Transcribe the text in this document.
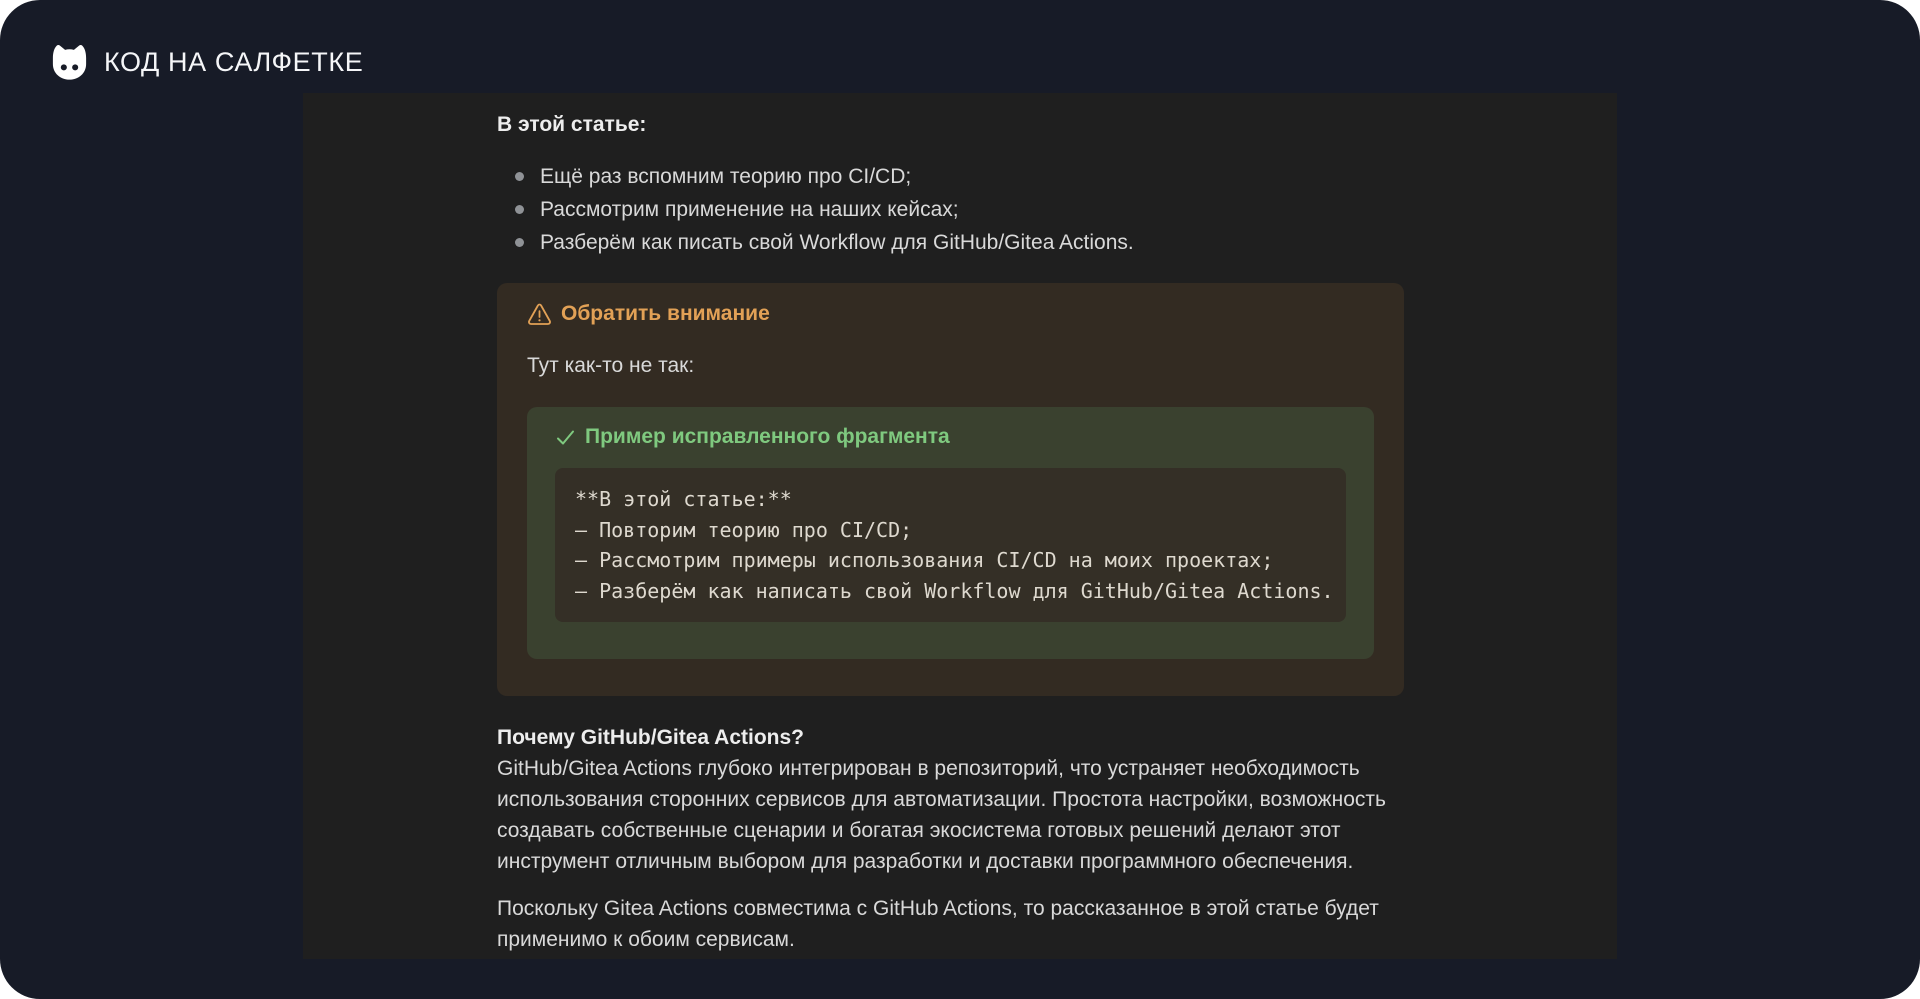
КОД НА САЛФЕТКЕ
В этой статье:
Ещё раз вспомним теорию про CI/CD;
Рассмотрим применение на наших кейсах;
Разберём как писать свой Workflow для GitHub/Gitea Actions.
Обратить внимание

Тут как-то не так:

Пример исправленного фрагмента
**В этой статье:**
— Повторим теорию про CI/CD;
— Рассмотрим примеры использования CI/CD на моих проектах;
— Разберём как написать свой Workflow для GitHub/Gitea Actions.
Почему GitHub/Gitea Actions?
GitHub/Gitea Actions глубоко интегрирован в репозиторий, что устраняет необходимость
использования сторонних сервисов для автоматизации. Простота настройки, возможность
создавать собственные сценарии и богатая экосистема готовых решений делают этот
инструмент отличным выбором для разработки и доставки программного обеспечения.
Поскольку Gitea Actions совместима с GitHub Actions, то рассказанное в этой статье будет
применимо к обоим сервисам.
